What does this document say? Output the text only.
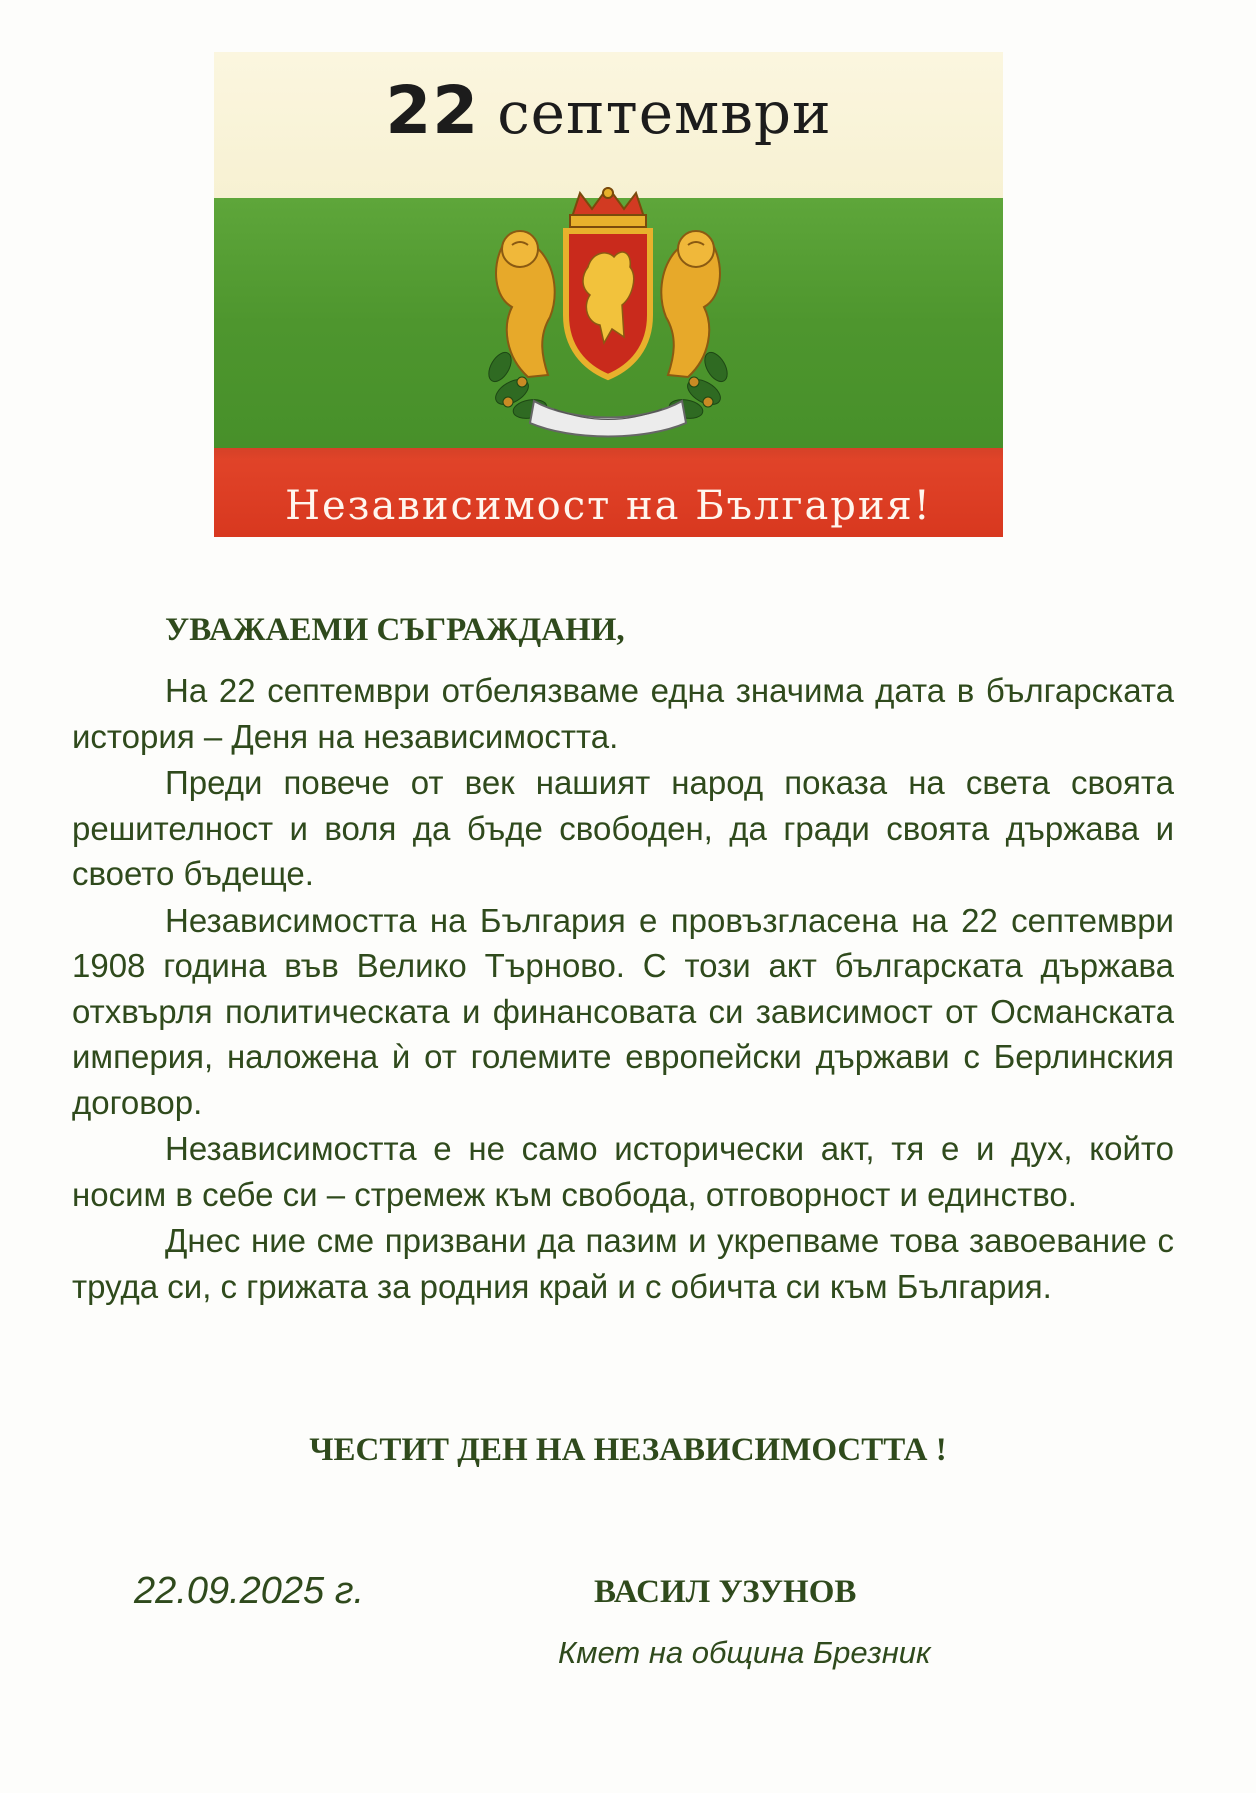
22 септември
Независимост на България!
УВАЖАЕМИ СЪГРАЖДАНИ,

На 22 септември отбелязваме една значима дата в българската история – Деня на независимостта.

Преди повече от век нашият народ показа на света своята решителност и воля да бъде свободен, да гради своята държава и своето бъдеще.

Независимостта на България е провъзгласена на 22 септември 1908 година във Велико Търново. С този акт българската държава отхвърля политическата и финансовата си зависимост от Османската империя, наложена ѝ от големите европейски държави с Берлинския договор.

Независимостта е не само исторически акт, тя е и дух, който носим в себе си – стремеж към свобода, отговорност и единство.

Днес ние сме призвани да пазим и укрепваме това завоевание с труда си, с грижата за родния край и с обичта си към България.

ЧЕСТИТ ДЕН НА НЕЗАВИСИМОСТТА !
22.09.2025 г.	ВАСИЛ УЗУНОВ
Кмет на община Брезник
